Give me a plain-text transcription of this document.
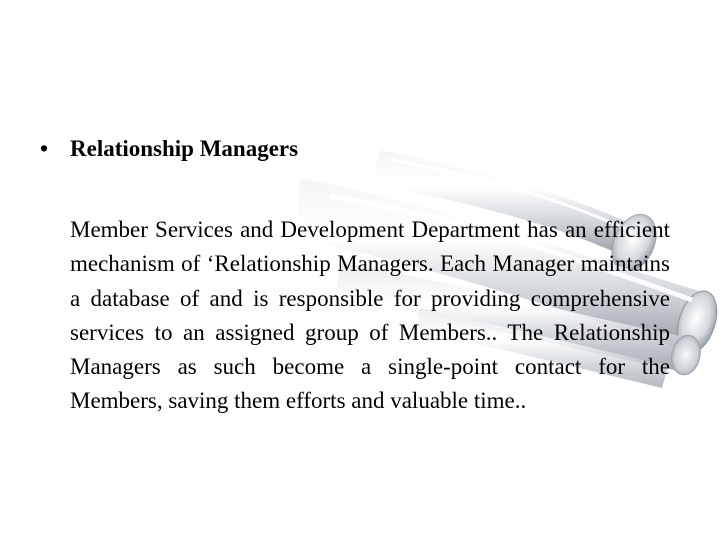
• Relationship Managers
Member Services and Development Department has an efficient mechanism of ‘Relationship Managers. Each Manager maintains a database of and is responsible for providing comprehensive services to an assigned group of Members.. The Relationship Managers as such become a single-point contact for the Members, saving them efforts and valuable time..
